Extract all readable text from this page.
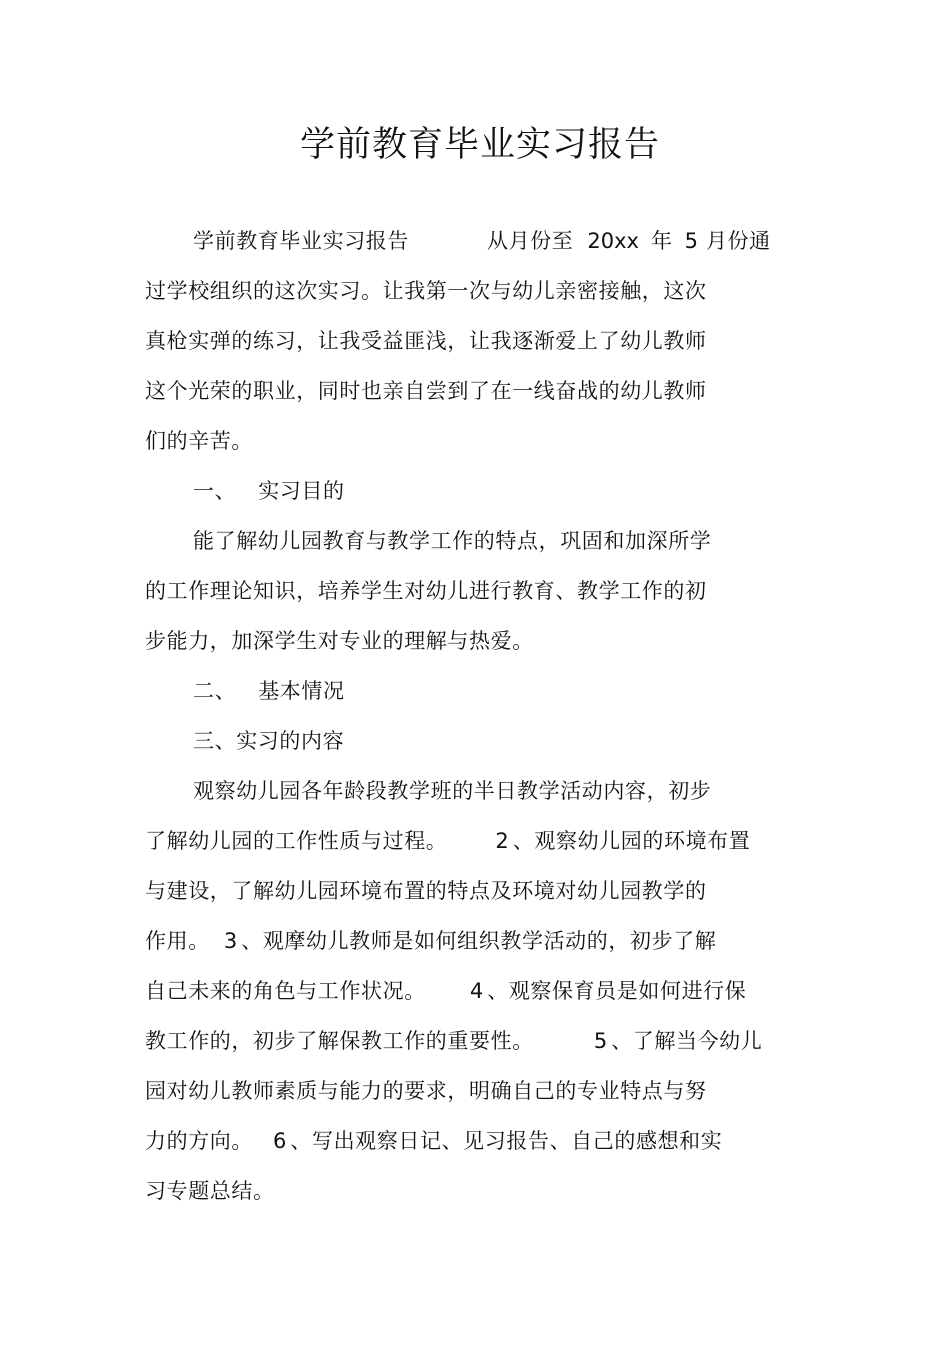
学前教育毕业实习报告
学前教育毕业实习报告	从月份至 20xx 年 5 月份通
过学校组织的这次实习。让我第一次与幼儿亲密接触，这次
真枪实弹的练习，让我受益匪浅，让我逐渐爱上了幼儿教师
这个光荣的职业，同时也亲自尝到了在一线奋战的幼儿教师
们的辛苦。
一、 实习目的
能了解幼儿园教育与教学工作的特点，巩固和加深所学
的工作理论知识，培养学生对幼儿进行教育、教学工作的初
步能力，加深学生对专业的理解与热爱。
二、 基本情况
三、实习的内容
观察幼儿园各年龄段教学班的半日教学活动内容，初步
了解幼儿园的工作性质与过程。 2 、观察幼儿园的环境布置
与建设，了解幼儿园环境布置的特点及环境对幼儿园教学的
作用。 3 、观摩幼儿教师是如何组织教学活动的，初步了解
自己未来的角色与工作状况。 4 、观察保育员是如何进行保
教工作的，初步了解保教工作的重要性。	5 、了解当今幼儿
园对幼儿教师素质与能力的要求，明确自己的专业特点与努
力的方向。 6 、写出观察日记、见习报告、自己的感想和实
习专题总结。
